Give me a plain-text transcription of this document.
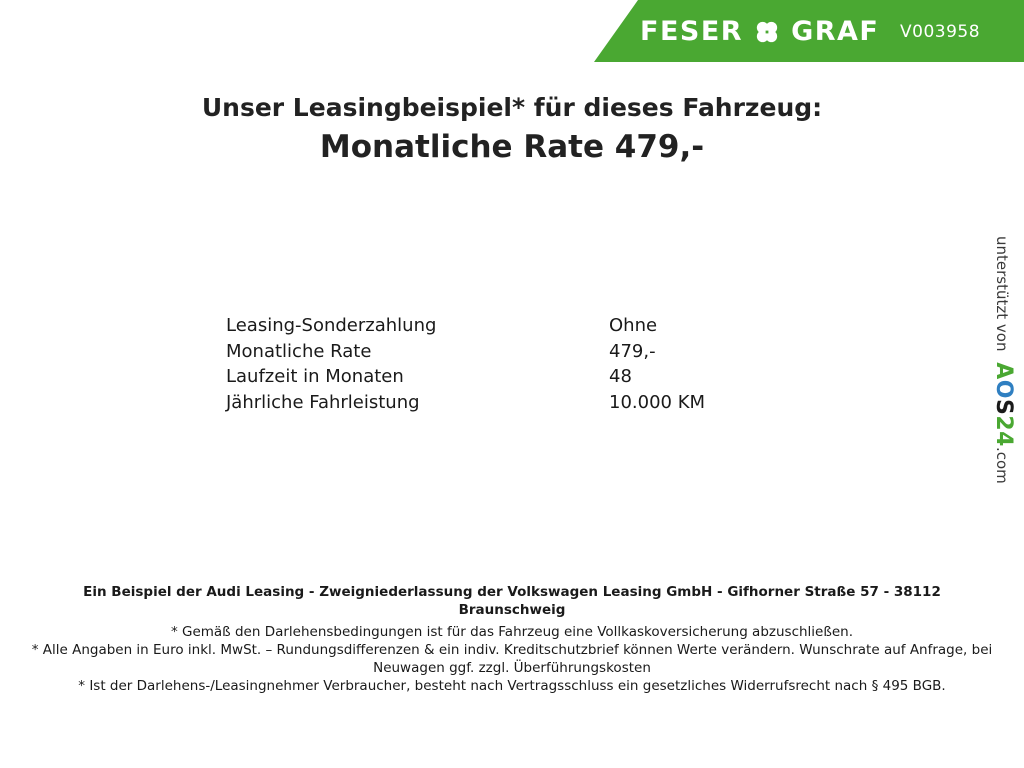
FESER GRAF V003958
Unser Leasingbeispiel* für dieses Fahrzeug:
Monatliche Rate 479,-
Leasing-Sonderzahlung	Ohne
Monatliche Rate	479,-
Laufzeit in Monaten	48
Jährliche Fahrleistung	10.000 KM
unterstützt von AOS24.com
Ein Beispiel der Audi Leasing - Zweigniederlassung der Volkswagen Leasing GmbH - Gifhorner Straße 57 - 38112 Braunschweig
* Gemäß den Darlehensbedingungen ist für das Fahrzeug eine Vollkaskoversicherung abzuschließen.
* Alle Angaben in Euro inkl. MwSt. – Rundungsdifferenzen & ein indiv. Kreditschutzbrief können Werte verändern. Wunschrate auf Anfrage, bei Neuwagen ggf. zzgl. Überführungskosten
* Ist der Darlehens-/Leasingnehmer Verbraucher, besteht nach Vertragsschluss ein gesetzliches Widerrufsrecht nach § 495 BGB.
